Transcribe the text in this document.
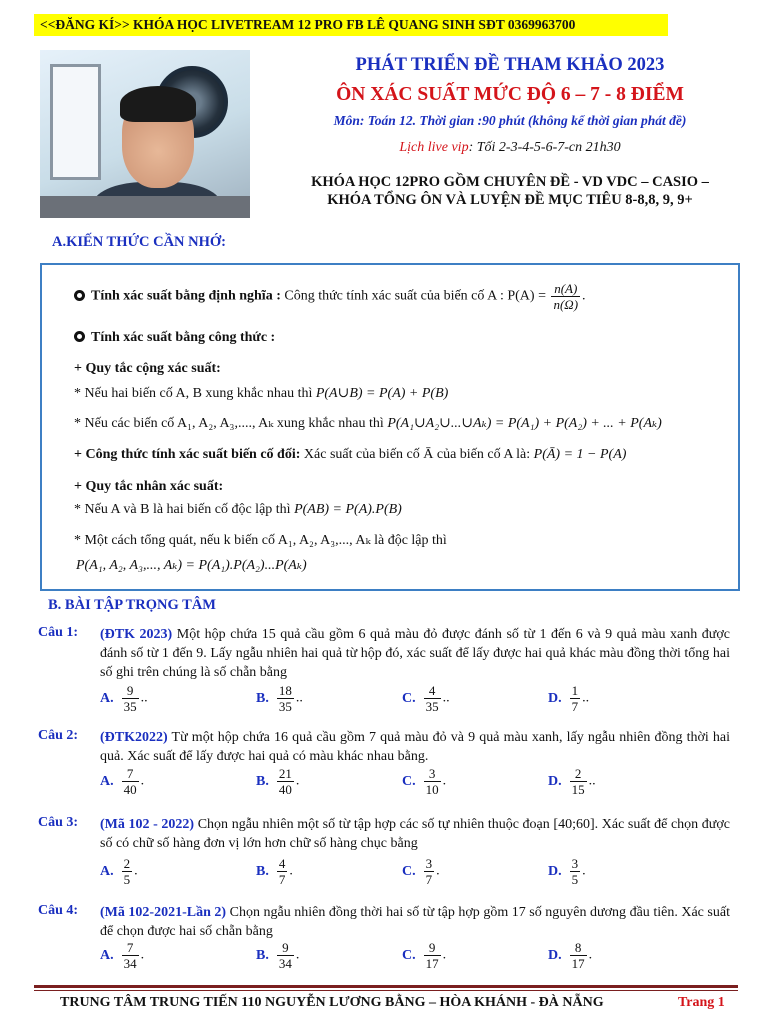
<<ĐĂNG KÍ>> KHÓA HỌC LIVETREAM 12 PRO FB LÊ QUANG SINH SĐT 0369963700
PHÁT TRIỂN ĐỀ THAM KHẢO 2023
ÔN XÁC SUẤT MỨC ĐỘ 6 – 7 - 8 ĐIỂM
Môn: Toán 12. Thời gian :90 phút (không kể thời gian phát đề)
Lịch live vip: Tối 2-3-4-5-6-7-cn 21h30
KHÓA HỌC 12PRO GỒM CHUYÊN ĐỀ - VD VDC – CASIO –
KHÓA TỔNG ÔN VÀ LUYỆN ĐỀ MỤC TIÊU 8-8,8, 9, 9+
A.KIẾN THỨC CẦN NHỚ:
Tính xác suất bằng định nghĩa : Công thức tính xác suất của biến cố A : $P(A) = \frac{n(A)}{n(\Omega)}$ .
Tính xác suất bằng công thức :
+ Quy tắc cộng xác suất:
* Nếu hai biến cố A, B xung khắc nhau thì P(A∪B) = P(A) + P(B)
* Nếu các biến cố A₁, A₂, A₃,...., Aₖ xung khắc nhau thì P(A₁∪A₂∪...∪Aₖ) = P(A₁) + P(A₂) + ... + P(Aₖ)
+ Công thức tính xác suất biến cố đối: Xác suất của biến cố Ā của biến cố A là: P(Ā) = 1 − P(A)
+ Quy tắc nhân xác suất:
* Nếu A và B là hai biến cố độc lập thì P(AB) = P(A).P(B)
* Một cách tổng quát, nếu k biến cố A₁, A₂, A₃,..., Aₖ là độc lập thì
P(A₁, A₂, A₃,..., Aₖ) = P(A₁).P(A₂)...P(Aₖ)
B. BÀI TẬP TRỌNG TÂM
Câu 1: (ĐTK 2023) Một hộp chứa 15 quả cầu gồm 6 quả màu đỏ được đánh số từ 1 đến 6 và 9 quả màu xanh được đánh số từ 1 đến 9. Lấy ngẫu nhiên hai quả từ hộp đó, xác suất để lấy được hai quả khác màu đồng thời tổng hai số ghi trên chúng là số chẵn bằng
A. $\frac{9}{35}$ ..	B. $\frac{18}{35}$ ..	C. $\frac{4}{35}$ ..	D. $\frac{1}{7}$ ..
Câu 2: (ĐTK2022) Từ một hộp chứa 16 quả cầu gồm 7 quả màu đỏ và 9 quả màu xanh, lấy ngẫu nhiên đồng thời hai quả. Xác suất để lấy được hai quả có màu khác nhau bằng.
A. $\frac{7}{40}$ .	B. $\frac{21}{40}$ .	C. $\frac{3}{10}$ .	D. $\frac{2}{15}$ ..
Câu 3: (Mã 102 - 2022) Chọn ngẫu nhiên một số từ tập hợp các số tự nhiên thuộc đoạn [40;60]. Xác suất để chọn được số có chữ số hàng đơn vị lớn hơn chữ số hàng chục bằng
A. $\frac{2}{5}$ .	B. $\frac{4}{7}$ .	C. $\frac{3}{7}$ .	D. $\frac{3}{5}$ .
Câu 4: (Mã 102-2021-Lần 2) Chọn ngẫu nhiên đồng thời hai số từ tập hợp gồm 17 số nguyên dương đầu tiên. Xác suất để chọn được hai số chẵn bằng
A. $\frac{7}{34}$ .	B. $\frac{9}{34}$ .	C. $\frac{9}{17}$ .	D. $\frac{8}{17}$ .
TRUNG TÂM TRUNG TIẾN 110 NGUYỄN LƯƠNG BẰNG – HÒA KHÁNH - ĐÀ NẴNG	Trang 1
